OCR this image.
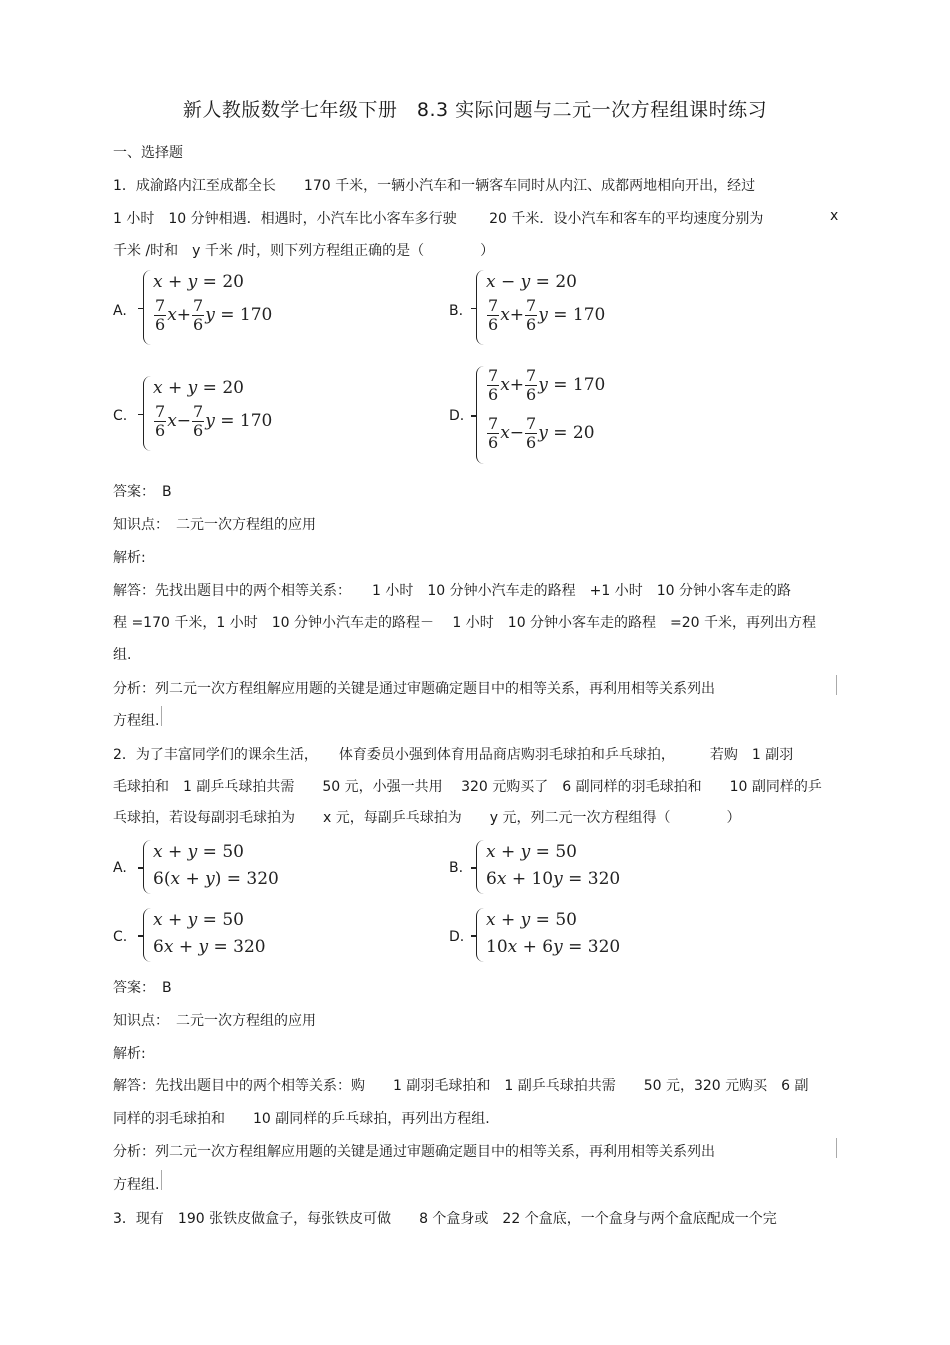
新人教版数学七年级下册　8.3 实际问题与二元一次方程组课时练习
一、选择题
1．成渝路内江至成都全长　　170 千米，一辆小汽车和一辆客车同时从内江、成都两地相向开出，经过
1 小时　10 分钟相遇．相遇时，小汽车比小客车多行驶　　 20 千米．设小汽车和客车的平均速度分别为	x
千米 /时和　y 千米 /时，则下列方程组正确的是（　　　　）
A.
x + y = 20
$\frac{7}{6} x+ \frac{7}{6}$ y = 170	B.
x − y = 20
$\frac{7}{6} x+ \frac{7}{6}$ y = 170
C.
x + y = 20
$\frac{7}{6} x- \frac{7}{6}$ y = 170	D.
$\frac{7}{6} x+ \frac{7}{6}$ y = 170
$\frac{7}{6} x- \frac{7}{6}$ y = 20
答案：　B
知识点：　二元一次方程组的应用
解析:
解答：先找出题目中的两个相等关系：　　1 小时　10 分钟小汽车走的路程　+1 小时　10 分钟小客车走的路
程 =170 千米，1 小时　10 分钟小汽车走的路程－　 1 小时　10 分钟小客车走的路程　=20 千米，再列出方程
组.
分析：列二元一次方程组解应用题的关键是通过审题确定题目中的相等关系，再利用相等关系列出
方程组.
2．为了丰富同学们的课余生活，　　体育委员小强到体育用品商店购羽毛球拍和乒乓球拍，　　　若购　1 副羽
毛球拍和　1 副乒乓球拍共需　　50 元，小强一共用　 320 元购买了　6 副同样的羽毛球拍和　　10 副同样的乒
乓球拍，若设每副羽毛球拍为　　x 元，每副乒乓球拍为　　y 元，列二元一次方程组得（　　　　）
A.
x + y = 50
6(x + y) = 320
B.
x + y = 50
6x + 10y = 320
C.
x + y = 50
6x + y = 320	D.
x + y = 50
10x + 6y = 320
答案：　B
知识点：　二元一次方程组的应用
解析:
解答：先找出题目中的两个相等关系：购　　1 副羽毛球拍和　1 副乒乓球拍共需　　50 元，320 元购买　6 副
同样的羽毛球拍和　　10 副同样的乒乓球拍，再列出方程组.
分析：列二元一次方程组解应用题的关键是通过审题确定题目中的相等关系，再利用相等关系列出
方程组.
3．现有　190 张铁皮做盒子，每张铁皮可做　　8 个盒身或　22 个盒底，一个盒身与两个盒底配成一个完
